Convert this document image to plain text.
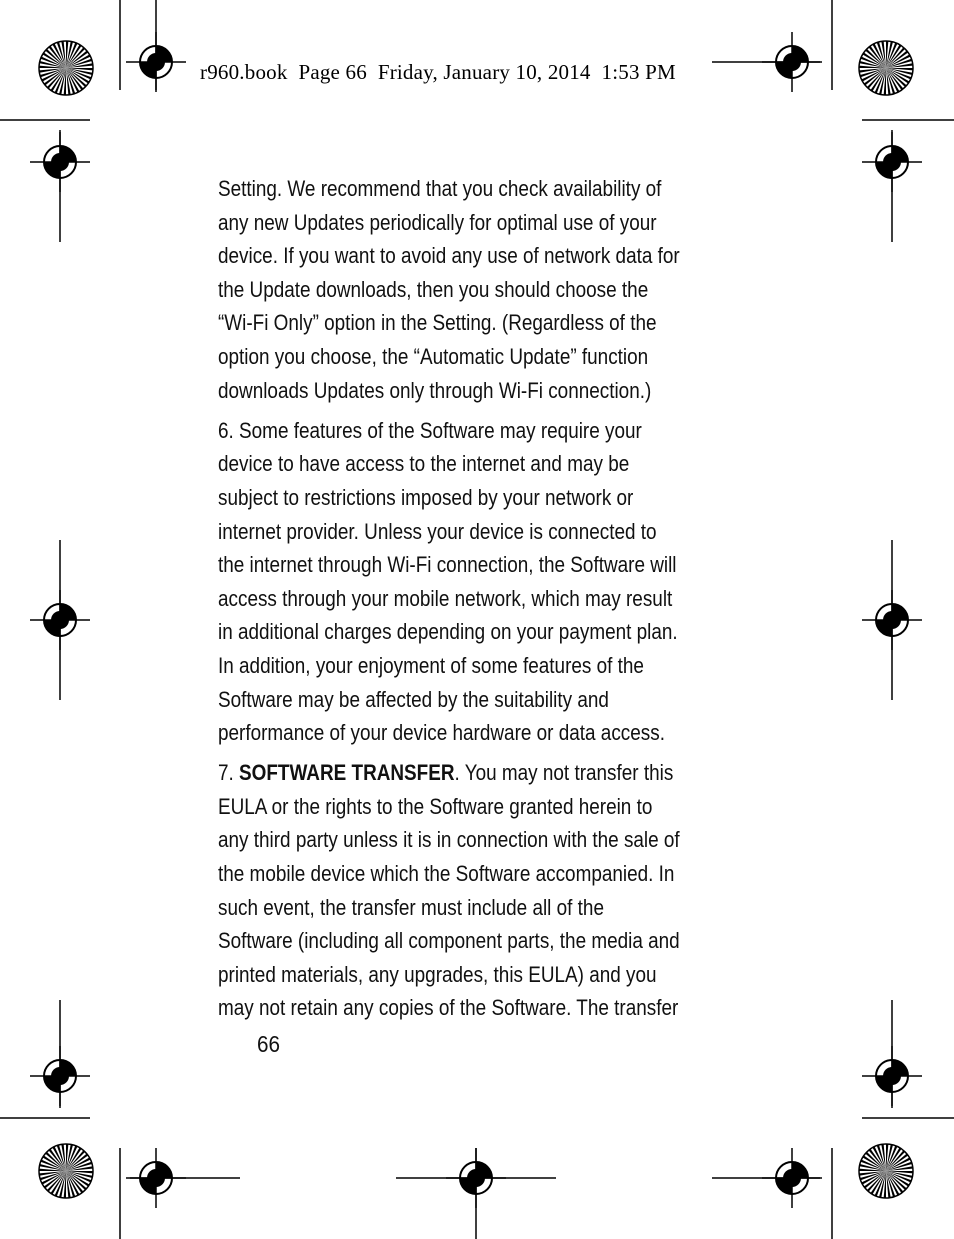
r960.book  Page 66  Friday, January 10, 2014  1:53 PM
Setting. We recommend that you check availability of
any new Updates periodically for optimal use of your
device. If you want to avoid any use of network data for
the Update downloads, then you should choose the
“Wi-Fi Only” option in the Setting. (Regardless of the
option you choose, the “Automatic Update” function
downloads Updates only through Wi-Fi connection.)
6. Some features of the Software may require your
device to have access to the internet and may be
subject to restrictions imposed by your network or
internet provider. Unless your device is connected to
the internet through Wi-Fi connection, the Software will
access through your mobile network, which may result
in additional charges depending on your payment plan.
In addition, your enjoyment of some features of the
Software may be affected by the suitability and
performance of your device hardware or data access.
7. SOFTWARE TRANSFER. You may not transfer this
EULA or the rights to the Software granted herein to
any third party unless it is in connection with the sale of
the mobile device which the Software accompanied. In
such event, the transfer must include all of the
Software (including all component parts, the media and
printed materials, any upgrades, this EULA) and you
may not retain any copies of the Software. The transfer
66
